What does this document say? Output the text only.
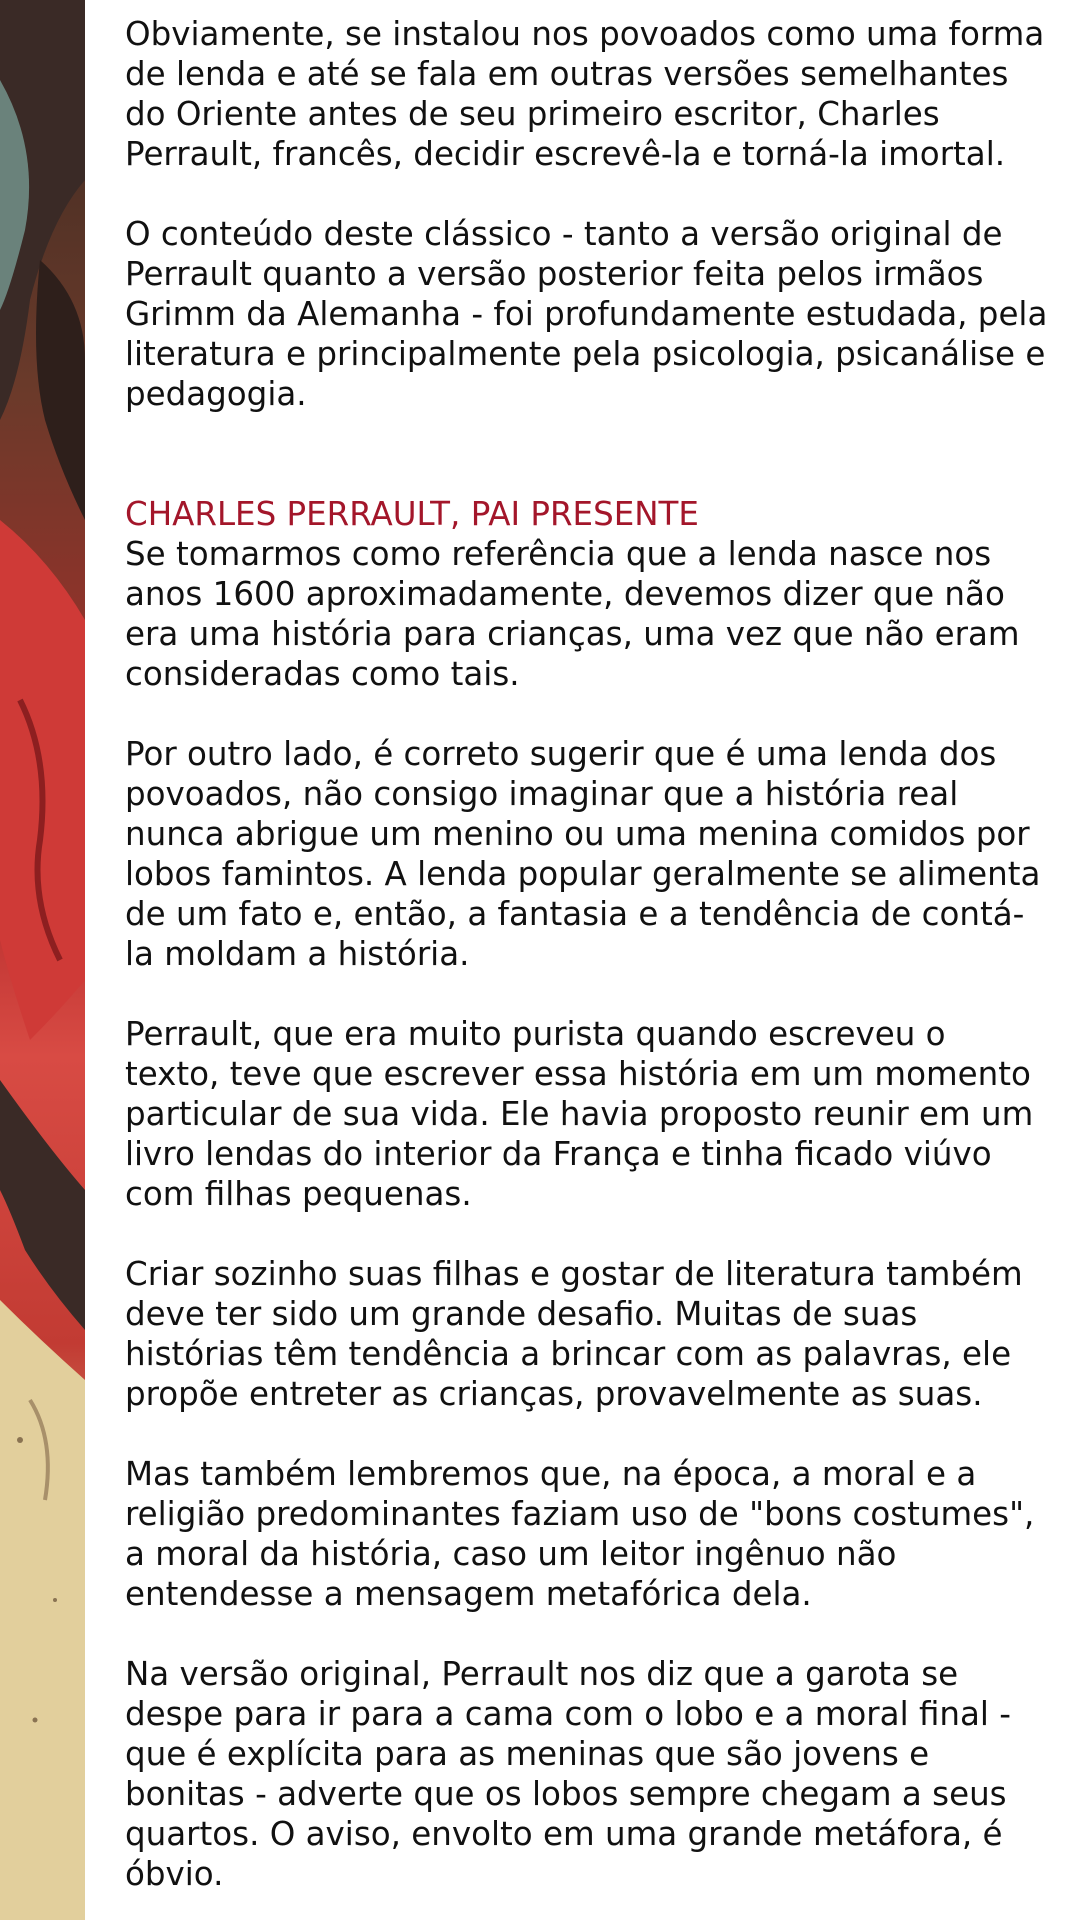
Obviamente, se instalou nos povoados como uma forma de lenda e até se fala em outras versões semelhantes do Oriente antes de seu primeiro escritor, Charles Perrault, francês, decidir escrevê-la e torná-la imortal.

O conteúdo deste clássico - tanto a versão original de Perrault quanto a versão posterior feita pelos irmãos Grimm da Alemanha - foi profundamente estudada, pela literatura e principalmente pela psicologia, psicanálise e pedagogia.

CHARLES PERRAULT, PAI PRESENTE

Se tomarmos como referência que a lenda nasce nos anos 1600 aproximadamente, devemos dizer que não era uma história para crianças, uma vez que não eram consideradas como tais.

Por outro lado, é correto sugerir que é uma lenda dos povoados, não consigo imaginar que a história real nunca abrigue um menino ou uma menina comidos por lobos famintos. A lenda popular geralmente se alimenta de um fato e, então, a fantasia e a tendência de contá-la moldam a história.

Perrault, que era muito purista quando escreveu o texto, teve que escrever essa história em um momento particular de sua vida. Ele havia proposto reunir em um livro lendas do interior da França e tinha ficado viúvo com filhas pequenas.

Criar sozinho suas filhas e gostar de literatura também deve ter sido um grande desafio. Muitas de suas histórias têm tendência a brincar com as palavras, ele propõe entreter as crianças, provavelmente as suas.

Mas também lembremos que, na época, a moral e a religião predominantes faziam uso de "bons costumes", a moral da história, caso um leitor ingênuo não entendesse a mensagem metafórica dela.

Na versão original, Perrault nos diz que a garota se despe para ir para a cama com o lobo e a moral final - que é explícita para as meninas que são jovens e bonitas - adverte que os lobos sempre chegam a seus quartos. O aviso, envolto em uma grande metáfora, é óbvio.
